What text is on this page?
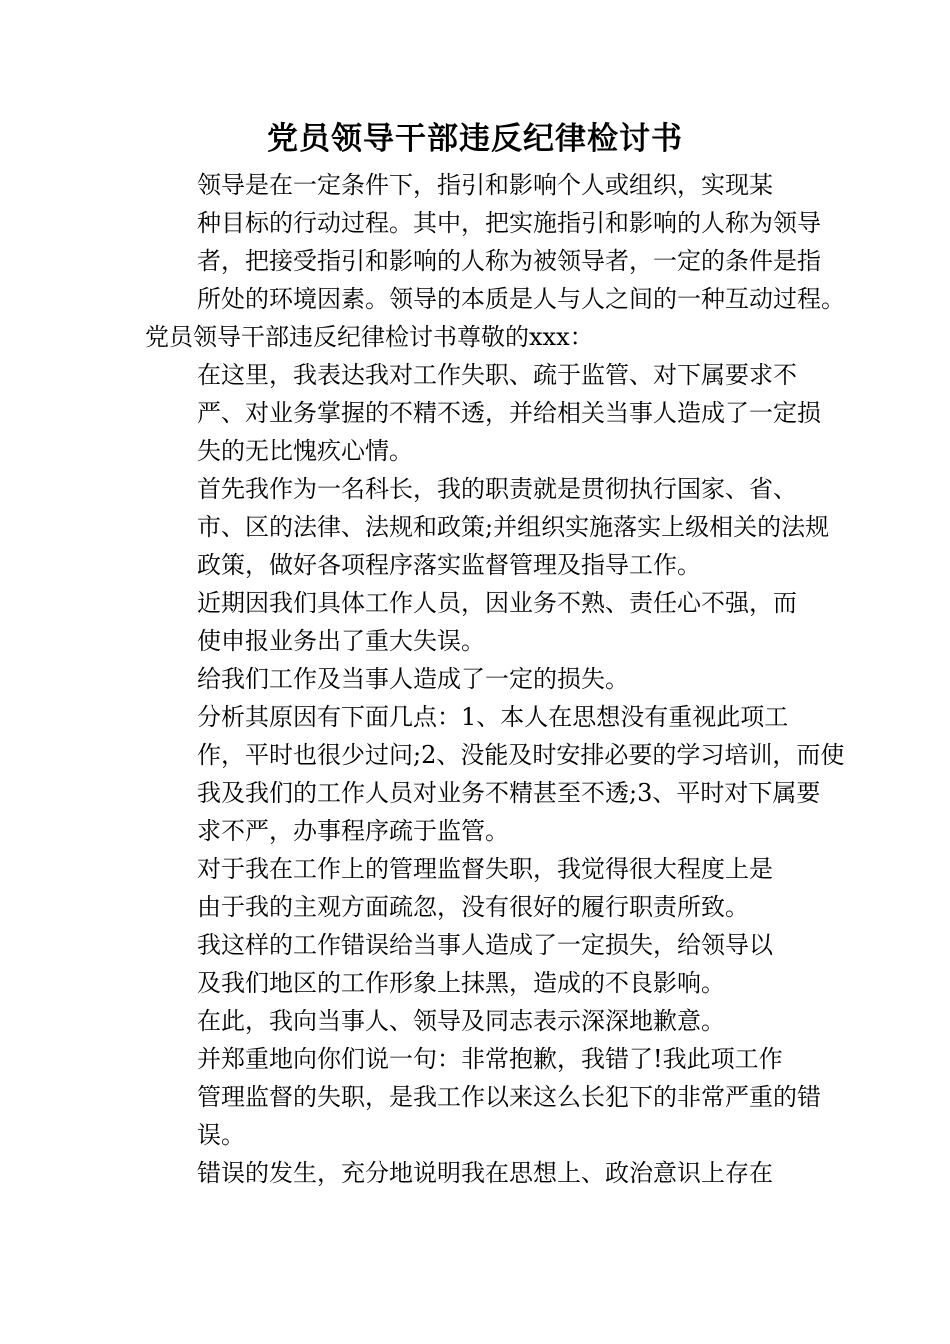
党员领导干部违反纪律检讨书

领导是在一定条件下，指引和影响个人或组织，实现某
种目标的行动过程。其中，把实施指引和影响的人称为领导
者，把接受指引和影响的人称为被领导者，一定的条件是指
所处的环境因素。领导的本质是人与人之间的一种互动过程。

党员领导干部违反纪律检讨书尊敬的xxx：

在这里，我表达我对工作失职、疏于监管、对下属要求不
严、对业务掌握的不精不透，并给相关当事人造成了一定损
失的无比愧疚心情。

首先我作为一名科长，我的职责就是贯彻执行国家、省、
市、区的法律、法规和政策;并组织实施落实上级相关的法规
政策，做好各项程序落实监督管理及指导工作。

近期因我们具体工作人员，因业务不熟、责任心不强，而
使申报业务出了重大失误。

给我们工作及当事人造成了一定的损失。

分析其原因有下面几点：1、本人在思想没有重视此项工
作，平时也很少过问;2、没能及时安排必要的学习培训，而使
我及我们的工作人员对业务不精甚至不透;3、平时对下属要
求不严，办事程序疏于监管。

对于我在工作上的管理监督失职，我觉得很大程度上是
由于我的主观方面疏忽，没有很好的履行职责所致。

我这样的工作错误给当事人造成了一定损失，给领导以
及我们地区的工作形象上抹黑，造成的不良影响。

在此，我向当事人、领导及同志表示深深地歉意。

并郑重地向你们说一句：非常抱歉，我错了!我此项工作
管理监督的失职，是我工作以来这么长犯下的非常严重的错
误。

错误的发生，充分地说明我在思想上、政治意识上存在
